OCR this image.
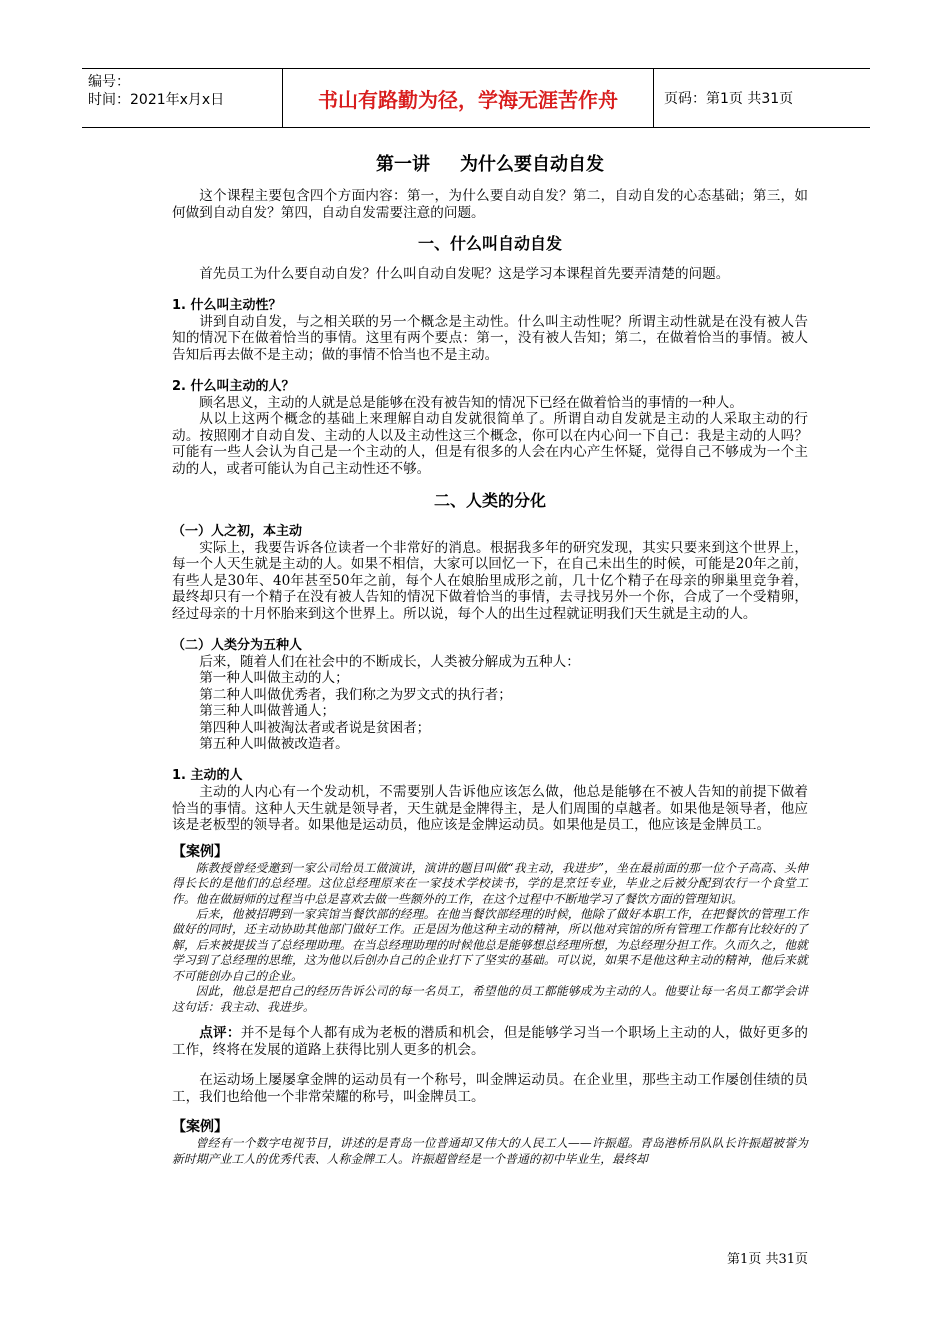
编号：
时间：2021年x月x日	书山有路勤为径，学海无涯苦作舟	页码：第1页 共31页
第一讲 为什么要自动自发

这个课程主要包含四个方面内容：第一，为什么要自动自发？第二，自动自发的心态基础；第三，如何做到自动自发？第四，自动自发需要注意的问题。

一、什么叫自动自发

首先员工为什么要自动自发？什么叫自动自发呢？这是学习本课程首先要弄清楚的问题。

1. 什么叫主动性？

讲到自动自发，与之相关联的另一个概念是主动性。什么叫主动性呢？所谓主动性就是在没有被人告知的情况下在做着恰当的事情。这里有两个要点：第一，没有被人告知；第二，在做着恰当的事情。被人告知后再去做不是主动；做的事情不恰当也不是主动。

2. 什么叫主动的人？

顾名思义，主动的人就是总是能够在没有被告知的情况下已经在做着恰当的事情的一种人。

从以上这两个概念的基础上来理解自动自发就很简单了。所谓自动自发就是主动的人采取主动的行动。按照刚才自动自发、主动的人以及主动性这三个概念，你可以在内心问一下自己：我是主动的人吗？可能有一些人会认为自己是一个主动的人，但是有很多的人会在内心产生怀疑，觉得自己不够成为一个主动的人，或者可能认为自己主动性还不够。

二、人类的分化
（一）人之初，本主动

实际上，我要告诉各位读者一个非常好的消息。根据我多年的研究发现，其实只要来到这个世界上，每一个人天生就是主动的人。如果不相信，大家可以回忆一下，在自己未出生的时候，可能是20年之前，有些人是30年、40年甚至50年之前，每个人在娘胎里成形之前，几十亿个精子在母亲的卵巢里竞争着，最终却只有一个精子在没有被人告知的情况下做着恰当的事情，去寻找另外一个你，合成了一个受精卵，经过母亲的十月怀胎来到这个世界上。所以说，每个人的出生过程就证明我们天生就是主动的人。

（二）人类分为五种人

后来，随着人们在社会中的不断成长，人类被分解成为五种人：

第一种人叫做主动的人；

第二种人叫做优秀者，我们称之为罗文式的执行者；

第三种人叫做普通人；

第四种人叫被淘汰者或者说是贫困者；

第五种人叫做被改造者。

1. 主动的人

主动的人内心有一个发动机，不需要别人告诉他应该怎么做，他总是能够在不被人告知的前提下做着恰当的事情。这种人天生就是领导者，天生就是金牌得主，是人们周围的卓越者。如果他是领导者，他应该是老板型的领导者。如果他是运动员，他应该是金牌运动员。如果他是员工，他应该是金牌员工。

【案例】

陈教授曾经受邀到一家公司给员工做演讲，演讲的题目叫做“我主动，我进步”，坐在最前面的那一位个子高高、头伸得长长的是他们的总经理。这位总经理原来在一家技术学校读书，学的是烹饪专业，毕业之后被分配到农行一个食堂工作。他在做厨师的过程当中总是喜欢去做一些额外的工作，在这个过程中不断地学习了餐饮方面的管理知识。

后来，他被招聘到一家宾馆当餐饮部的经理。在他当餐饮部经理的时候，他除了做好本职工作，在把餐饮的管理工作做好的同时，还主动协助其他部门做好工作。正是因为他这种主动的精神，所以他对宾馆的所有管理工作都有比较好的了解，后来被提拔当了总经理助理。在当总经理助理的时候他总是能够想总经理所想，为总经理分担工作。久而久之，他就学习到了总经理的思维，这为他以后创办自己的企业打下了坚实的基础。可以说，如果不是他这种主动的精神，他后来就不可能创办自己的企业。

因此，他总是把自己的经历告诉公司的每一名员工，希望他的员工都能够成为主动的人。他要让每一名员工都学会讲这句话：我主动、我进步。

点评：并不是每个人都有成为老板的潜质和机会，但是能够学习当一个职场上主动的人，做好更多的工作，终将在发展的道路上获得比别人更多的机会。

在运动场上屡屡拿金牌的运动员有一个称号，叫金牌运动员。在企业里，那些主动工作屡创佳绩的员工，我们也给他一个非常荣耀的称号，叫金牌员工。

【案例】

曾经有一个数字电视节目，讲述的是青岛一位普通却又伟大的人民工人——许振超。青岛港桥吊队队长许振超被誉为新时期产业工人的优秀代表、人称金牌工人。许振超曾经是一个普通的初中毕业生，最终却

第1页 共31页
